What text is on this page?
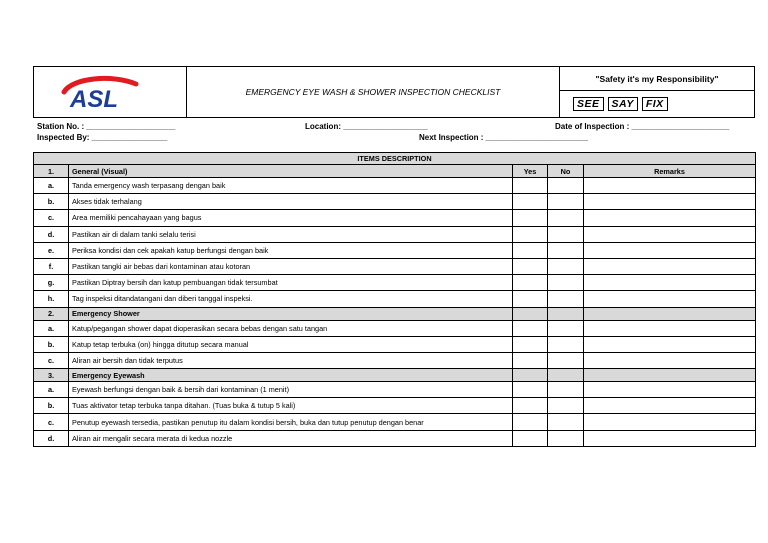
ASL	EMERGENCY EYE WASH & SHOWER INSPECTION CHECKLIST
"Safety it's my Responsibility"
SEE	SAY	FIX
Station No. : ____________________
Inspected By: _________________
Location: ___________________
Next Inspection : _______________________
Date of Inspection : ______________________
ITEMS DESCRIPTION				
1.	General (Visual)	Yes	No	Remarks
a.	Tanda emergency wash terpasang dengan baik			
b.	Akses tidak terhalang			
c.	Area memiliki pencahayaan yang bagus			
d.	Pastikan air di dalam tanki selalu terisi			
e.	Periksa kondisi dan cek apakah katup berfungsi dengan baik			
f.	Pastikan tangki air bebas dari kontaminan atau kotoran			
g.	Pastikan Diptray bersih dan katup pembuangan tidak tersumbat			
h.	Tag inspeksi ditandatangani dan diberi tanggal inspeksi.			
2.	Emergency Shower			
a.	Katup/pegangan shower dapat dioperasikan secara bebas dengan satu tangan			
b.	Katup tetap terbuka (on) hingga ditutup secara manual			
c.	Aliran air bersih dan tidak terputus			
3.	Emergency Eyewash			
a.	Eyewash berfungsi dengan baik & bersih dari kontaminan (1 menit)			
b.	Tuas aktivator tetap terbuka tanpa ditahan. (Tuas buka & tutup 5 kali)			
c.	Penutup eyewash tersedia, pastikan penutup itu dalam kondisi bersih, buka dan tutup penutup dengan benar			
d.	Aliran air mengalir secara merata di kedua nozzle			
